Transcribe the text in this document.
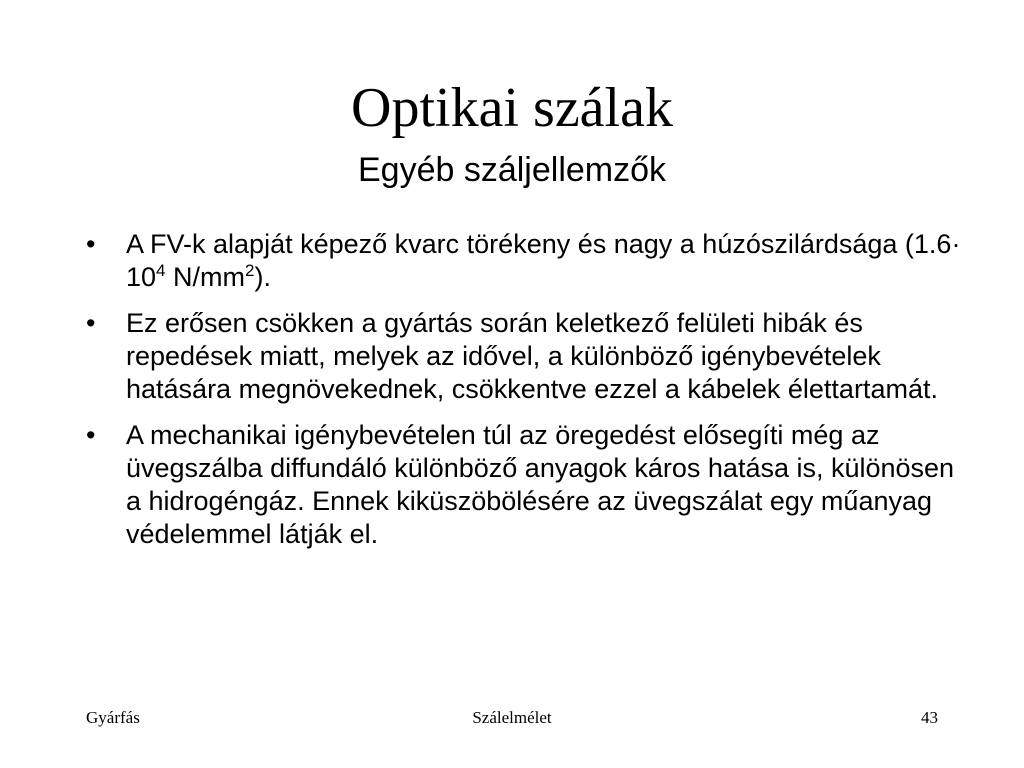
Optikai szálak
Egyéb száljellemzők
•	A FV-k alapját képező kvarc törékeny és nagy a húzószilárdsága ($1.6\cdot 10^4$ $N/mm^2$).
•	Ez erősen csökken a gyártás során keletkező felületi hibák és repedések miatt, melyek az idővel, a különböző igénybevételek hatására megnövekednek, csökkentve ezzel a kábelek élettartamát.
•	A mechanikai igénybevételen túl az öregedést elősegíti még az üvegszálba diffundáló különböző anyagok káros hatása is, különösen a hidrogéngáz. Ennek kiküszöbölésére az üvegszálat egy műanyag védelemmel látják el.
Gyárfás	Szálelmélet	43
